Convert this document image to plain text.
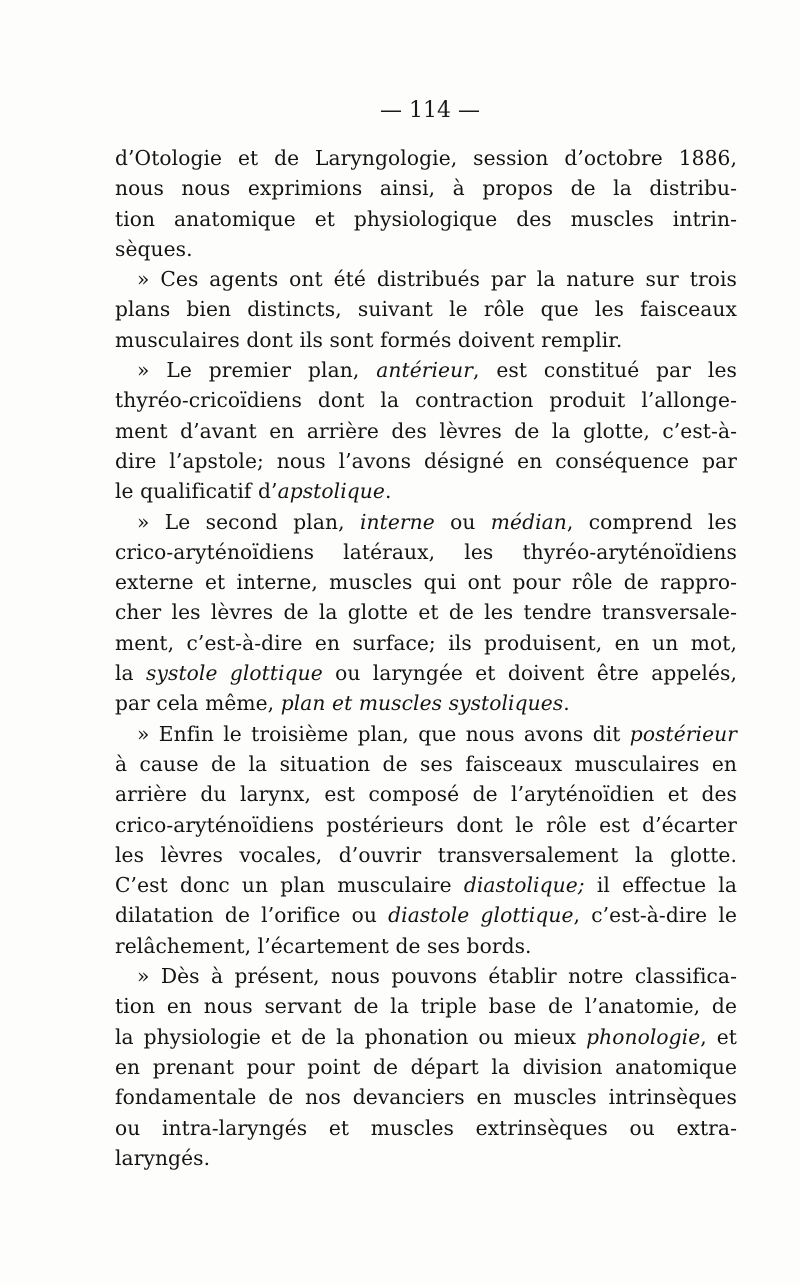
— 114 —
d’Otologie et de Laryngologie, session d’octobre 1886,
nous nous exprimions ainsi, à propos de la distribu-
tion anatomique et physiologique des muscles intrin-
sèques.
» Ces agents ont été distribués par la nature sur trois
plans bien distincts, suivant le rôle que les faisceaux
musculaires dont ils sont formés doivent remplir.
» Le premier plan, antérieur, est constitué par les
thyréo-cricoïdiens dont la contraction produit l’allonge-
ment d’avant en arrière des lèvres de la glotte, c’est-à-
dire l’apstole; nous l’avons désigné en conséquence par
le qualificatif d’apstolique.
» Le second plan, interne ou médian, comprend les
crico-aryténoïdiens latéraux, les thyréo-aryténoïdiens
externe et interne, muscles qui ont pour rôle de rappro-
cher les lèvres de la glotte et de les tendre transversale-
ment, c’est-à-dire en surface; ils produisent, en un mot,
la systole glottique ou laryngée et doivent être appelés,
par cela même, plan et muscles systoliques.
» Enfin le troisième plan, que nous avons dit postérieur
à cause de la situation de ses faisceaux musculaires en
arrière du larynx, est composé de l’aryténoïdien et des
crico-aryténoïdiens postérieurs dont le rôle est d’écarter
les lèvres vocales, d’ouvrir transversalement la glotte.
C’est donc un plan musculaire diastolique; il effectue la
dilatation de l’orifice ou diastole glottique, c’est-à-dire le
relâchement, l’écartement de ses bords.
» Dès à présent, nous pouvons établir notre classifica-
tion en nous servant de la triple base de l’anatomie, de
la physiologie et de la phonation ou mieux phonologie, et
en prenant pour point de départ la division anatomique
fondamentale de nos devanciers en muscles intrinsèques
ou intra-laryngés et muscles extrinsèques ou extra-
laryngés.
